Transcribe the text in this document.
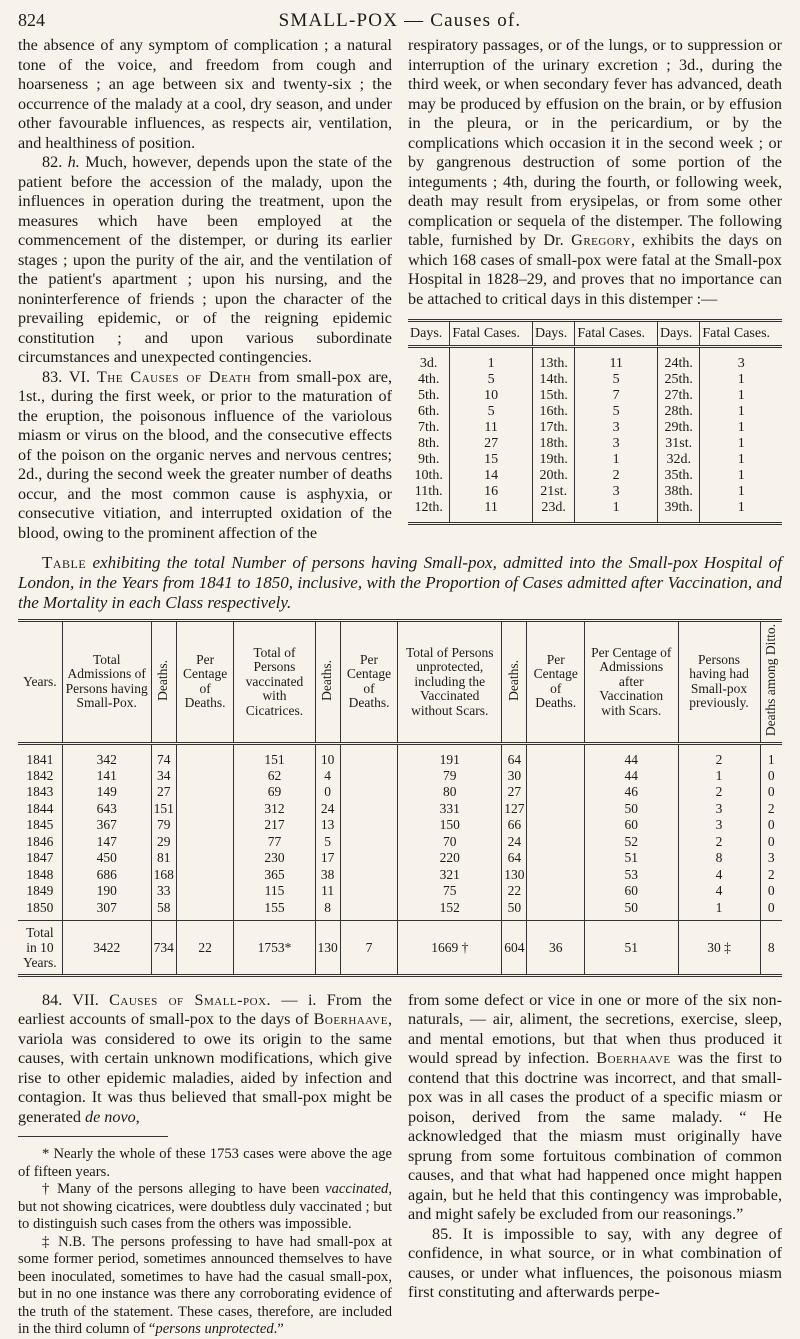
824	SMALL-POX — Causes of.

the absence of any symptom of complication ; a natural tone of the voice, and freedom from cough and hoarseness ; an age between six and twenty-six ; the occurrence of the malady at a cool, dry season, and under other favourable influences, as respects air, ventilation, and healthiness of position.

82. h. Much, however, depends upon the state of the patient before the accession of the malady, upon the influences in operation during the treatment, upon the measures which have been employed at the commencement of the distemper, or during its earlier stages ; upon the purity of the air, and the ventilation of the patient's apartment ; upon his nursing, and the noninterference of friends ; upon the character of the prevailing epidemic, or of the reigning epidemic constitution ; and upon various subordinate circumstances and unexpected contingencies.

83. VI. The Causes of Death from small-pox are, 1st., during the first week, or prior to the maturation of the eruption, the poisonous influence of the variolous miasm or virus on the blood, and the consecutive effects of the poison on the organic nerves and nervous centres; 2d., during the second week the greater number of deaths occur, and the most common cause is asphyxia, or consecutive vitiation, and interrupted oxidation of the blood, owing to the prominent affection of the

respiratory passages, or of the lungs, or to suppression or interruption of the urinary excretion ; 3d., during the third week, or when secondary fever has advanced, death may be produced by effusion on the brain, or by effusion in the pleura, or in the pericardium, or by the complications which occasion it in the second week ; or by gangrenous destruction of some portion of the integuments ; 4th, during the fourth, or following week, death may result from erysipelas, or from some other complication or sequela of the distemper. The following table, furnished by Dr. Gregory, exhibits the days on which 168 cases of small-pox were fatal at the Small-pox Hospital in 1828–29, and proves that no importance can be attached to critical days in this distemper :—

Days.	Fatal Cases.	Days.	Fatal Cases.	Days.	Fatal Cases.
3d.	1	13th.	11	24th.	3
4th.	5	14th.	5	25th.	1
5th.	10	15th.	7	27th.	1
6th.	5	16th.	5	28th.	1
7th.	11	17th.	3	29th.	1
8th.	27	18th.	3	31st.	1
9th.	15	19th.	1	32d.	1
10th.	14	20th.	2	35th.	1
11th.	16	21st.	3	38th.	1
12th.	11	23d.	1	39th.	1
Table exhibiting the total Number of persons having Small-pox, admitted into the Small-pox Hospital of London, in the Years from 1841 to 1850, inclusive, with the Proportion of Cases admitted after Vaccination, and the Mortality in each Class respectively.
Years.	Total Admissions of Persons having Small-Pox.	Deaths.	Per Centage of Deaths.	Total of Persons vaccinated with Cicatrices.	Deaths.	Per Centage of Deaths.	Total of Persons unprotected, including the Vaccinated without Scars.	Deaths.	Per Centage of Deaths.	Per Centage of Admissions after Vaccination with Scars.	Persons having had Small-pox previously.	Deaths among Ditto.
1841	342	74		151	10		191	64		44	2	1
1842	141	34		62	4		79	30		44	1	0
1843	149	27		69	0		80	27		46	2	0
1844	643	151		312	24		331	127		50	3	2
1845	367	79		217	13		150	66		60	3	0
1846	147	29		77	5		70	24		52	2	0
1847	450	81		230	17		220	64		51	8	3
1848	686	168		365	38		321	130		53	4	2
1849	190	33		115	11		75	22		60	4	0
1850	307	58		155	8		152	50		50	1	0
Total in 10 Years.	3422	734	22	1753*	130	7	1669 †	604	36	51	30 ‡	8

84. VII. Causes of Small-pox. — i. From the earliest accounts of small-pox to the days of Boerhaave, variola was considered to owe its origin to the same causes, with certain unknown modifications, which give rise to other epidemic maladies, aided by infection and contagion. It was thus believed that small-pox might be generated de novo,

* Nearly the whole of these 1753 cases were above the age of fifteen years.

† Many of the persons alleging to have been vaccinated, but not showing cicatrices, were doubtless duly vaccinated ; but to distinguish such cases from the others was impossible.

‡ N.B. The persons professing to have had small-pox at some former period, sometimes announced themselves to have been inoculated, sometimes to have had the casual small-pox, but in no one instance was there any corroborating evidence of the truth of the statement. These cases, therefore, are included in the third column of “persons unprotected.”

from some defect or vice in one or more of the six non-naturals, — air, aliment, the secretions, exercise, sleep, and mental emotions, but that when thus produced it would spread by infection. Boerhaave was the first to contend that this doctrine was incorrect, and that small-pox was in all cases the product of a specific miasm or poison, derived from the same malady. “ He acknowledged that the miasm must originally have sprung from some fortuitous combination of common causes, and that what had happened once might happen again, but he held that this contingency was improbable, and might safely be excluded from our reasonings.”

85. It is impossible to say, with any degree of confidence, in what source, or in what combination of causes, or under what influences, the poisonous miasm first constituting and afterwards perpe-
